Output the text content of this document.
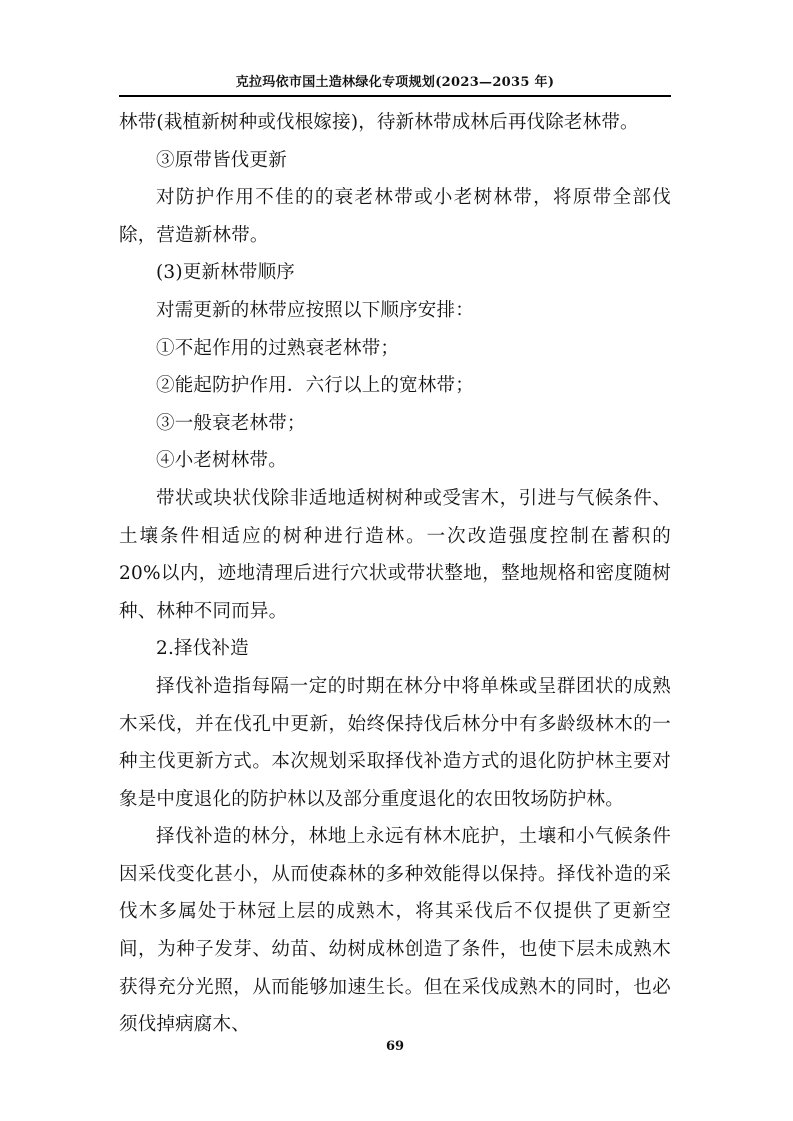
克拉玛依市国土造林绿化专项规划(2023—2035 年)

林带(栽植新树种或伐根嫁接)，待新林带成林后再伐除老林带。

③原带皆伐更新

对防护作用不佳的的衰老林带或小老树林带，将原带全部伐除，营造新林带。

(3)更新林带顺序

对需更新的林带应按照以下顺序安排：

①不起作用的过熟衰老林带；

②能起防护作用．六行以上的宽林带；

③一般衰老林带；

④小老树林带。

带状或块状伐除非适地适树树种或受害木，引进与气候条件、土壤条件相适应的树种进行造林。一次改造强度控制在蓄积的 20%以内，迹地清理后进行穴状或带状整地，整地规格和密度随树种、林种不同而异。

2.择伐补造

择伐补造指每隔一定的时期在林分中将单株或呈群团状的成熟木采伐，并在伐孔中更新，始终保持伐后林分中有多龄级林木的一种主伐更新方式。本次规划采取择伐补造方式的退化防护林主要对象是中度退化的防护林以及部分重度退化的农田牧场防护林。

择伐补造的林分，林地上永远有林木庇护，土壤和小气候条件因采伐变化甚小，从而使森林的多种效能得以保持。择伐补造的采伐木多属处于林冠上层的成熟木，将其采伐后不仅提供了更新空间，为种子发芽、幼苗、幼树成林创造了条件，也使下层未成熟木获得充分光照，从而能够加速生长。但在采伐成熟木的同时，也必须伐掉病腐木、

69
